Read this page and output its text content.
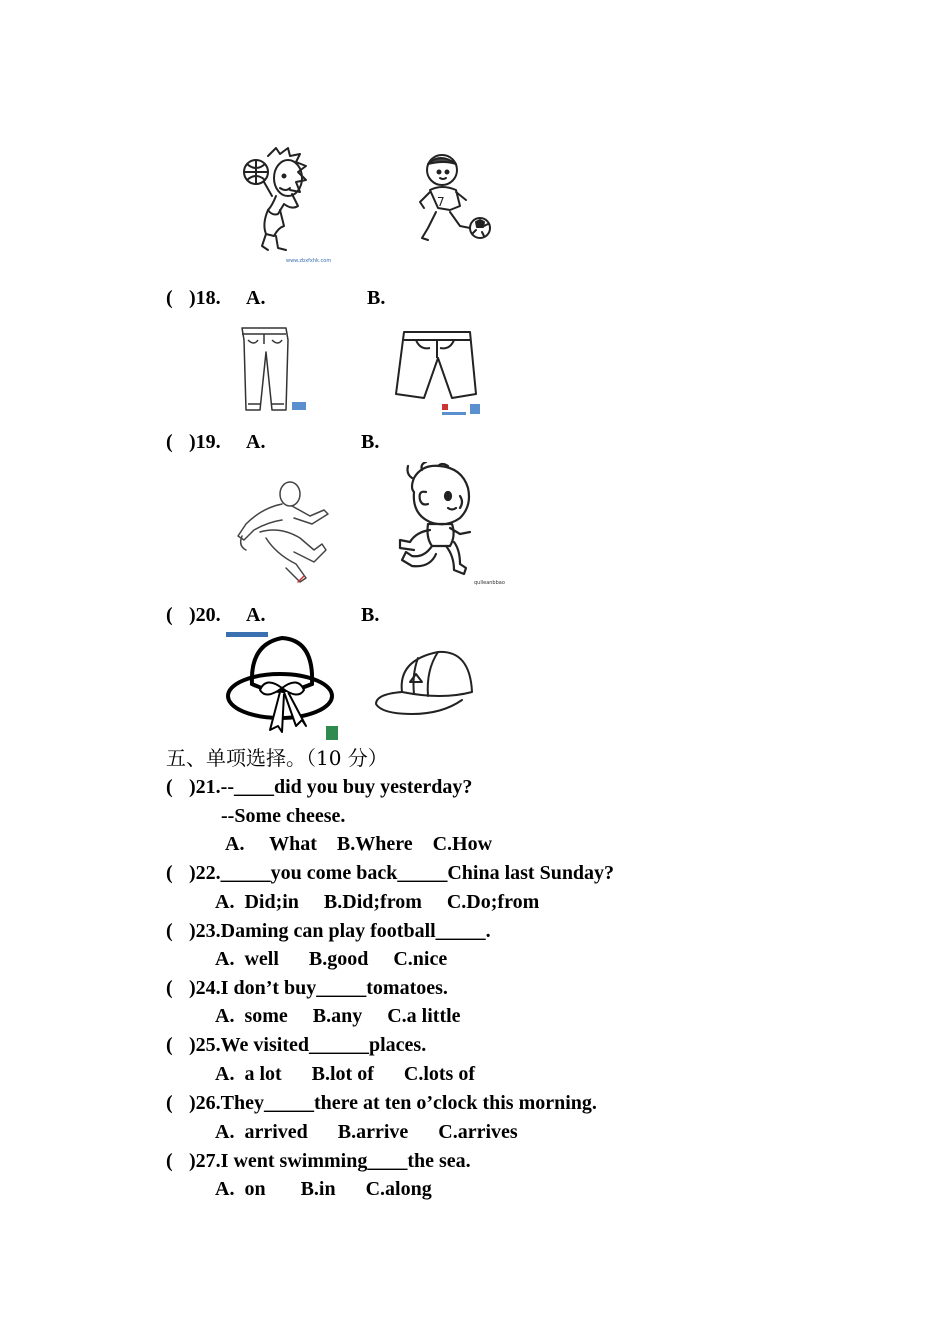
www.zbxfxhk.com
7
( )18. A.	B.
( )19. A.	B.
qulleanbbao
( )20. A.	B.
五、单项选择。（10 分）
( )21.--____did you buy yesterday?
--Some cheese.
A.     What    B.Where    C.How
( )22._____you come back_____China last Sunday?
A.  Did;in     B.Did;from     C.Do;from
( )23.Daming can play football_____.
A.  well      B.good     C.nice
( )24.I don’t buy_____tomatoes.
A.  some     B.any     C.a little
( )25.We visited______places.
A.  a lot      B.lot of      C.lots of
( )26.They_____there at ten o’clock this morning.
A.  arrived      B.arrive      C.arrives
( )27.I went swimming____the sea.
A.  on       B.in      C.along
